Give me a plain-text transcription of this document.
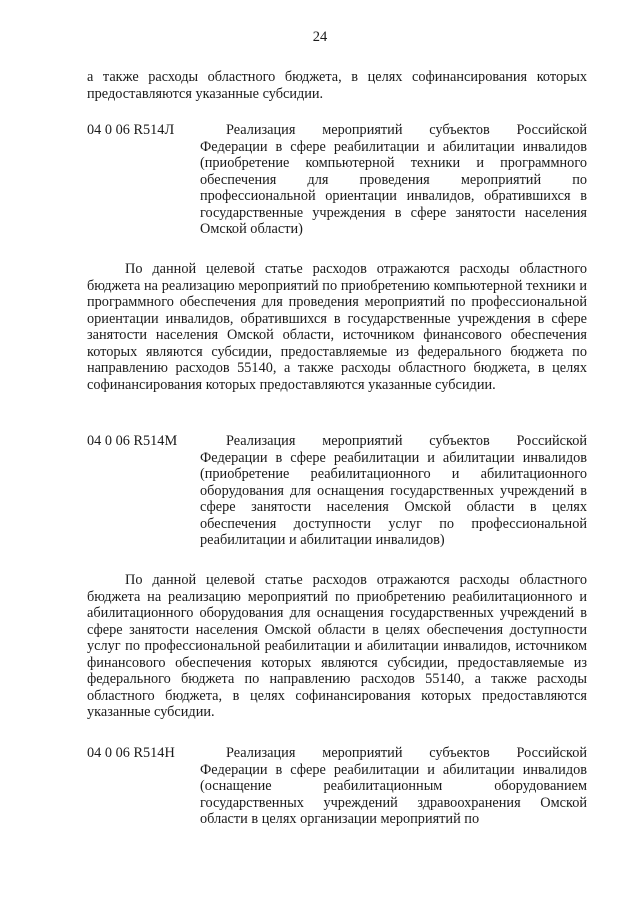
24
а также расходы областного бюджета, в целях софинансирования которых предоставляются указанные субсидии.
04 0 06 R514Л	Реализация мероприятий субъектов Российской Федерации в сфере реабилитации и абилитации инвалидов (приобретение компьютерной техники и программного обеспечения для проведения мероприятий по профессиональной ориентации инвалидов, обратившихся в государственные учреждения в сфере занятости населения Омской области)
По данной целевой статье расходов отражаются расходы областного бюджета на реализацию мероприятий по приобретению компьютерной техники и программного обеспечения для проведения мероприятий по профессиональной ориентации инвалидов, обратившихся в государственные учреждения в сфере занятости населения Омской области, источником финансового обеспечения которых являются субсидии, предоставляемые из федерального бюджета по направлению расходов 55140, а также расходы областного бюджета, в целях софинансирования которых предоставляются указанные субсидии.
04 0 06 R514М	Реализация мероприятий субъектов Российской Федерации в сфере реабилитации и абилитации инвалидов (приобретение реабилитационного и абилитационного оборудования для оснащения государственных учреждений в сфере занятости населения Омской области в целях обеспечения доступности услуг по профессиональной реабилитации и абилитации инвалидов)
По данной целевой статье расходов отражаются расходы областного бюджета на реализацию мероприятий по приобретению реабилитационного и абилитационного оборудования для оснащения государственных учреждений в сфере занятости населения Омской области в целях обеспечения доступности услуг по профессиональной реабилитации и абилитации инвалидов, источником финансового обеспечения которых являются субсидии, предоставляемые из федерального бюджета по направлению расходов 55140, а также расходы областного бюджета, в целях софинансирования которых предоставляются указанные субсидии.
04 0 06 R514Н	Реализация мероприятий субъектов Российской Федерации в сфере реабилитации и абилитации инвалидов (оснащение реабилитационным оборудованием государственных учреждений здравоохранения Омской области в целях организации мероприятий по
